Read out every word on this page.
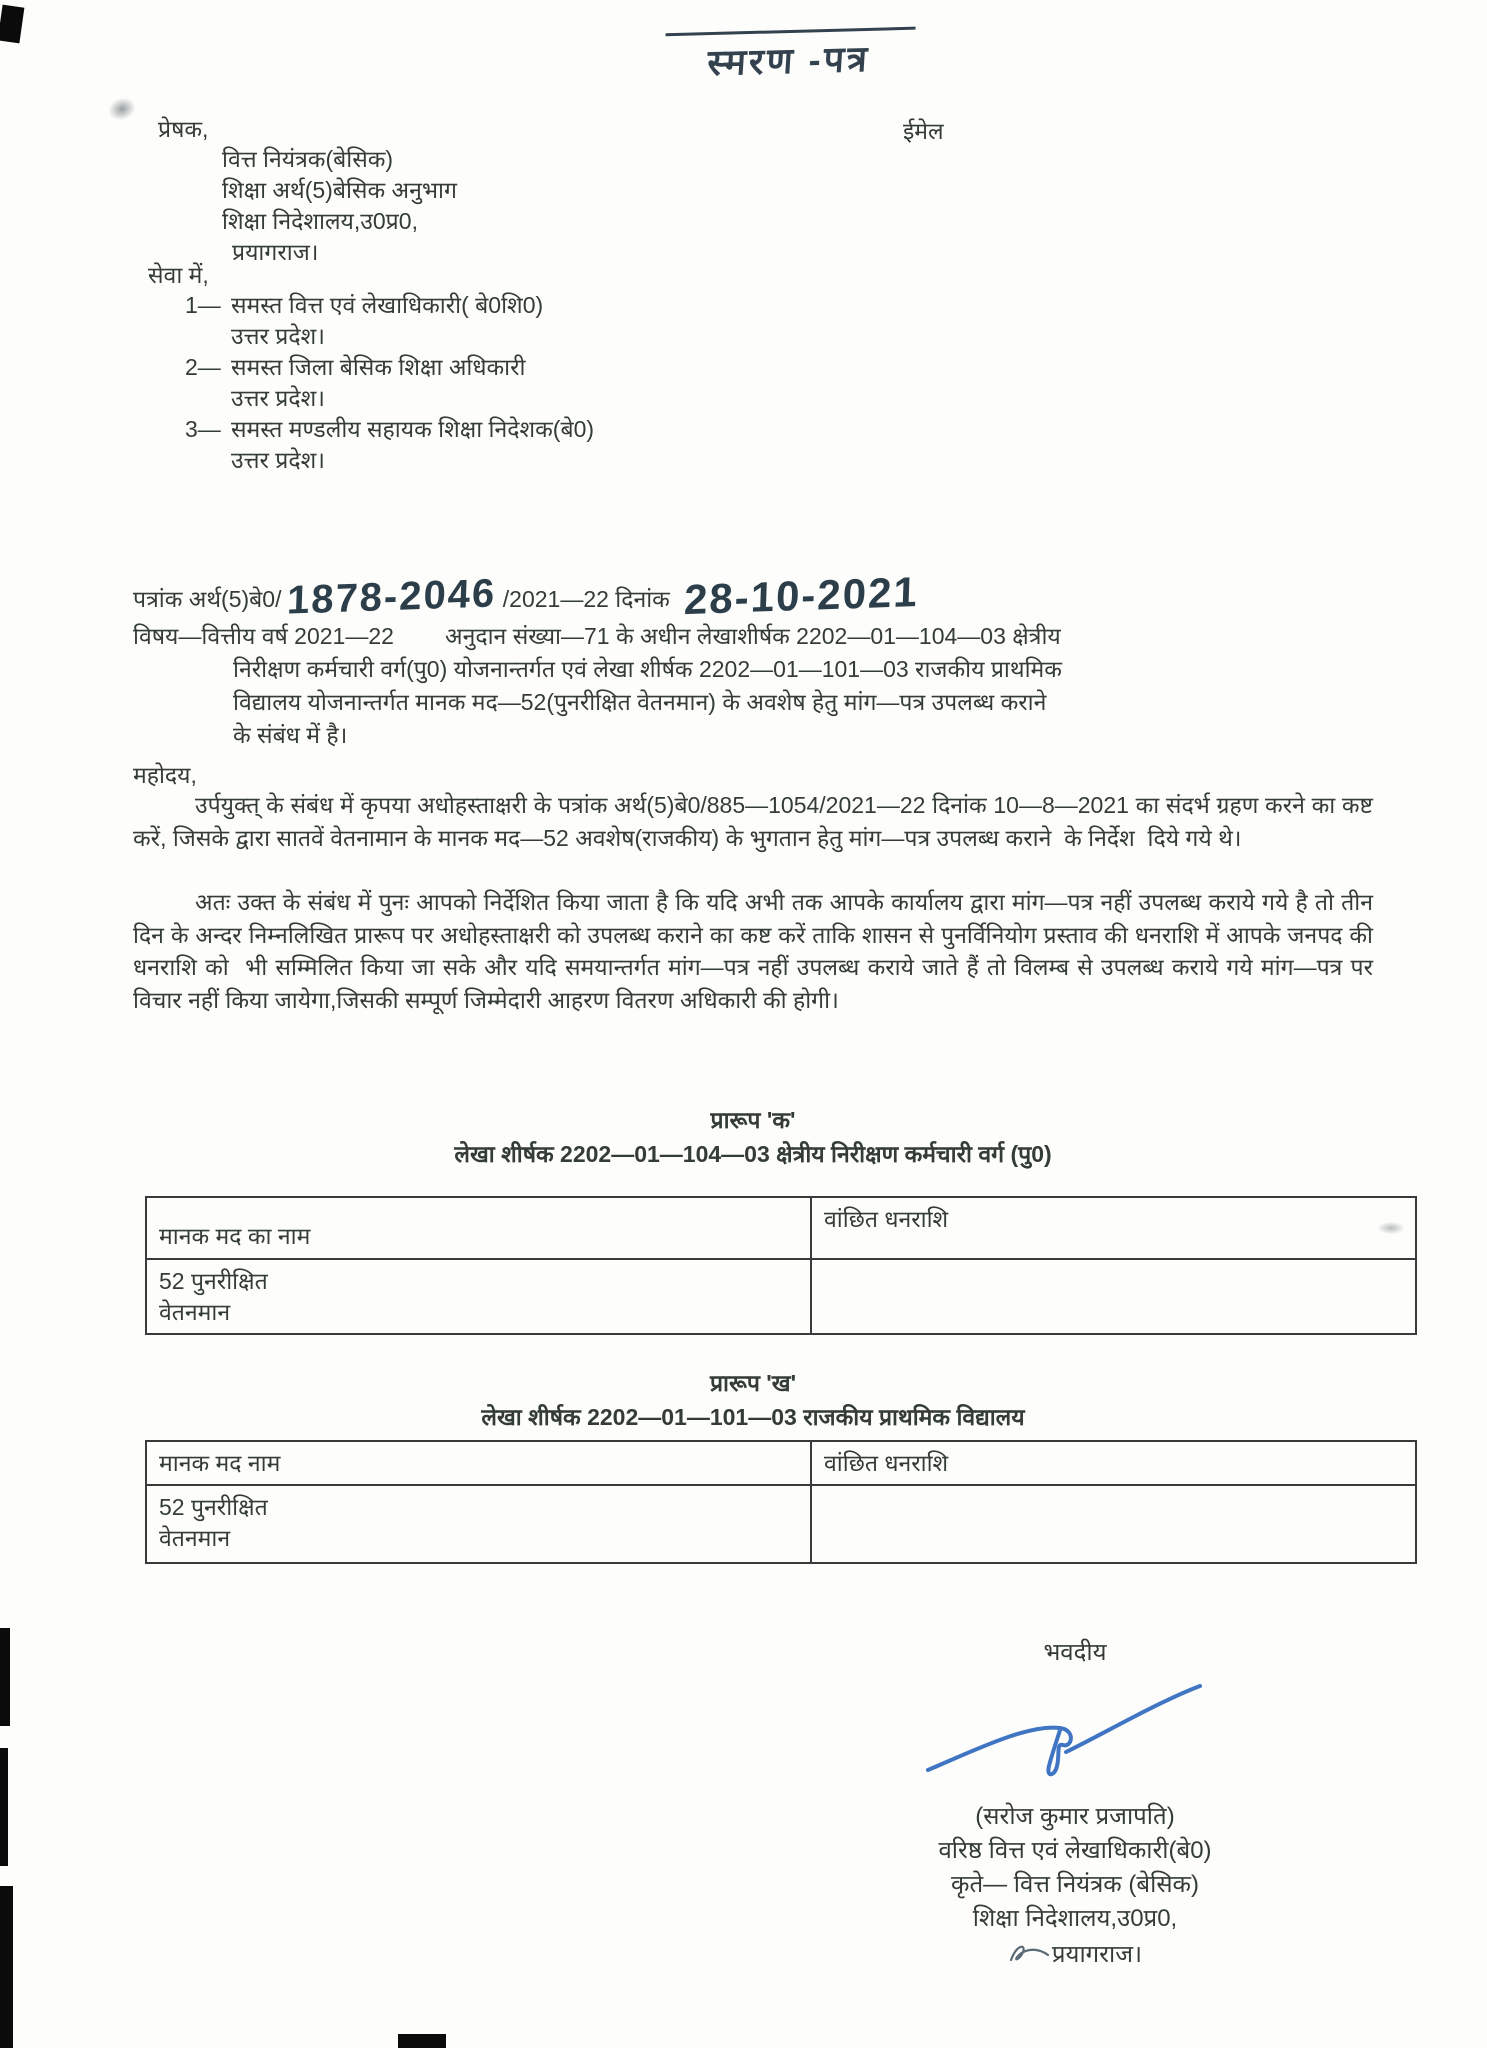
स्मरण -पत्र
प्रेषक,	ईमेल
वित्त नियंत्रक(बेसिक)
शिक्षा अर्थ(5)बेसिक अनुभाग
शिक्षा निदेशालय,उ0प्र0,
प्रयागराज।
सेवा में,
1— समस्त वित्त एवं लेखाधिकारी( बे0शि0)
उत्तर प्रदेश।
2— समस्त जिला बेसिक शिक्षा अधिकारी
उत्तर प्रदेश।
3— समस्त मण्डलीय सहायक शिक्षा निदेशक(बे0)
उत्तर प्रदेश।
पत्रांक अर्थ(5)बे0/ 1878-2046 /2021—22 दिनांक 28-10-2021
विषय—वित्तीय वर्ष 2021—22        अनुदान संख्या—71 के अधीन लेखाशीर्षक 2202—01—104—03 क्षेत्रीय
निरीक्षण कर्मचारी वर्ग(पु0) योजनान्तर्गत एवं लेखा शीर्षक 2202—01—101—03 राजकीय प्राथमिक
विद्यालय योजनान्तर्गत मानक मद—52(पुनरीक्षित वेतनमान) के अवशेष हेतु मांग—पत्र उपलब्ध कराने
के संबंध में है।
महोदय,
उर्पयुक्त् के संबंध में कृपया अधोहस्ताक्षरी के पत्रांक अर्थ(5)बे0/885—1054/2021—22 दिनांक 10—8—2021 का संदर्भ ग्रहण करने का कष्ट करें, जिसके द्वारा सातवें वेतनामान के मानक मद—52 अवशेष(राजकीय) के भुगतान हेतु मांग—पत्र उपलब्ध कराने  के निर्देश  दिये गये थे।
अतः उक्त के संबंध में पुनः आपको निर्देशित किया जाता है कि यदि अभी तक आपके कार्यालय द्वारा मांग—पत्र नहीं उपलब्ध कराये गये है तो तीन दिन के अन्दर निम्नलिखित प्रारूप पर अधोहस्ताक्षरी को उपलब्ध कराने का कष्ट करें ताकि शासन से पुनर्विनियोग प्रस्ताव की धनराशि में आपके जनपद की धनराशि को  भी सम्मिलित किया जा सके और यदि समयान्तर्गत मांग—पत्र नहीं उपलब्ध कराये जाते हैं तो विलम्ब से उपलब्ध कराये गये मांग—पत्र पर विचार नहीं किया जायेगा,जिसकी सम्पूर्ण जिम्मेदारी आहरण वितरण अधिकारी की होगी।
प्रारूप 'क'
लेखा शीर्षक 2202—01—104—03 क्षेत्रीय निरीक्षण कर्मचारी वर्ग (पु0)
मानक मद का नाम
वांछित धनराशि
52 पुनरीक्षित
वेतनमान
प्रारूप 'ख'
लेखा शीर्षक 2202—01—101—03 राजकीय प्राथमिक विद्यालय
मानक मद नाम	वांछित धनराशि
52 पुनरीक्षित
वेतनमान
भवदीय
(सरोज कुमार प्रजापति)
वरिष्ठ वित्त एवं लेखाधिकारी(बे0)
कृते— वित्त नियंत्रक (बेसिक)
शिक्षा निदेशालय,उ0प्र0,
प्रयागराज।
